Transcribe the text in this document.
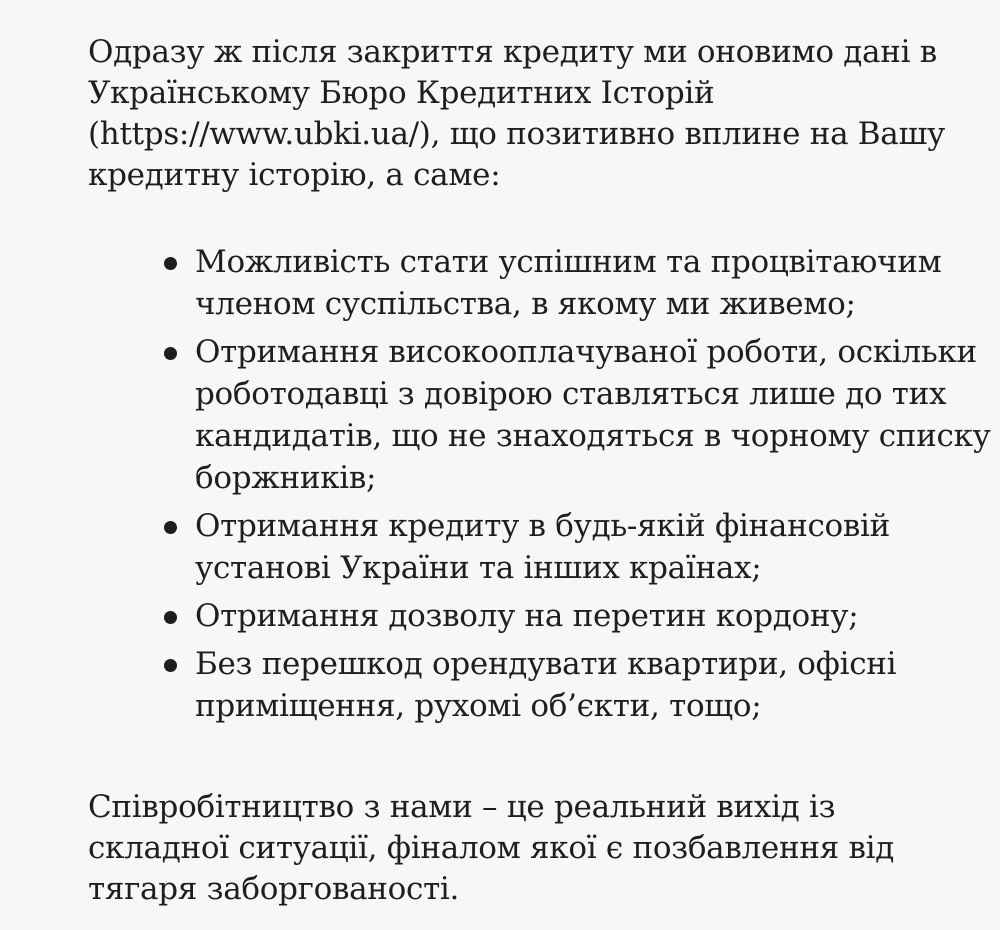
Одразу ж після закриття кредиту ми оновимо дані в
Українському Бюро Кредитних Історій
(https://www.ubki.ua/), що позитивно вплине на Вашу
кредитну історію, а саме:

Можливість стати успішним та процвітаючим
членом суспільства, в якому ми живемо;
Отримання високооплачуваної роботи, оскільки
роботодавці з довірою ставляться лише до тих
кандидатів, що не знаходяться в чорному списку
боржників;
Отримання кредиту в будь-якій фінансовій
установі України та інших країнах;
Отримання дозволу на перетин кордону;
Без перешкод орендувати квартири, офісні
приміщення, рухомі об’єкти, тощо;

Співробітництво з нами – це реальний вихід із
складної ситуації, фіналом якої є позбавлення від
тягаря заборгованості.
